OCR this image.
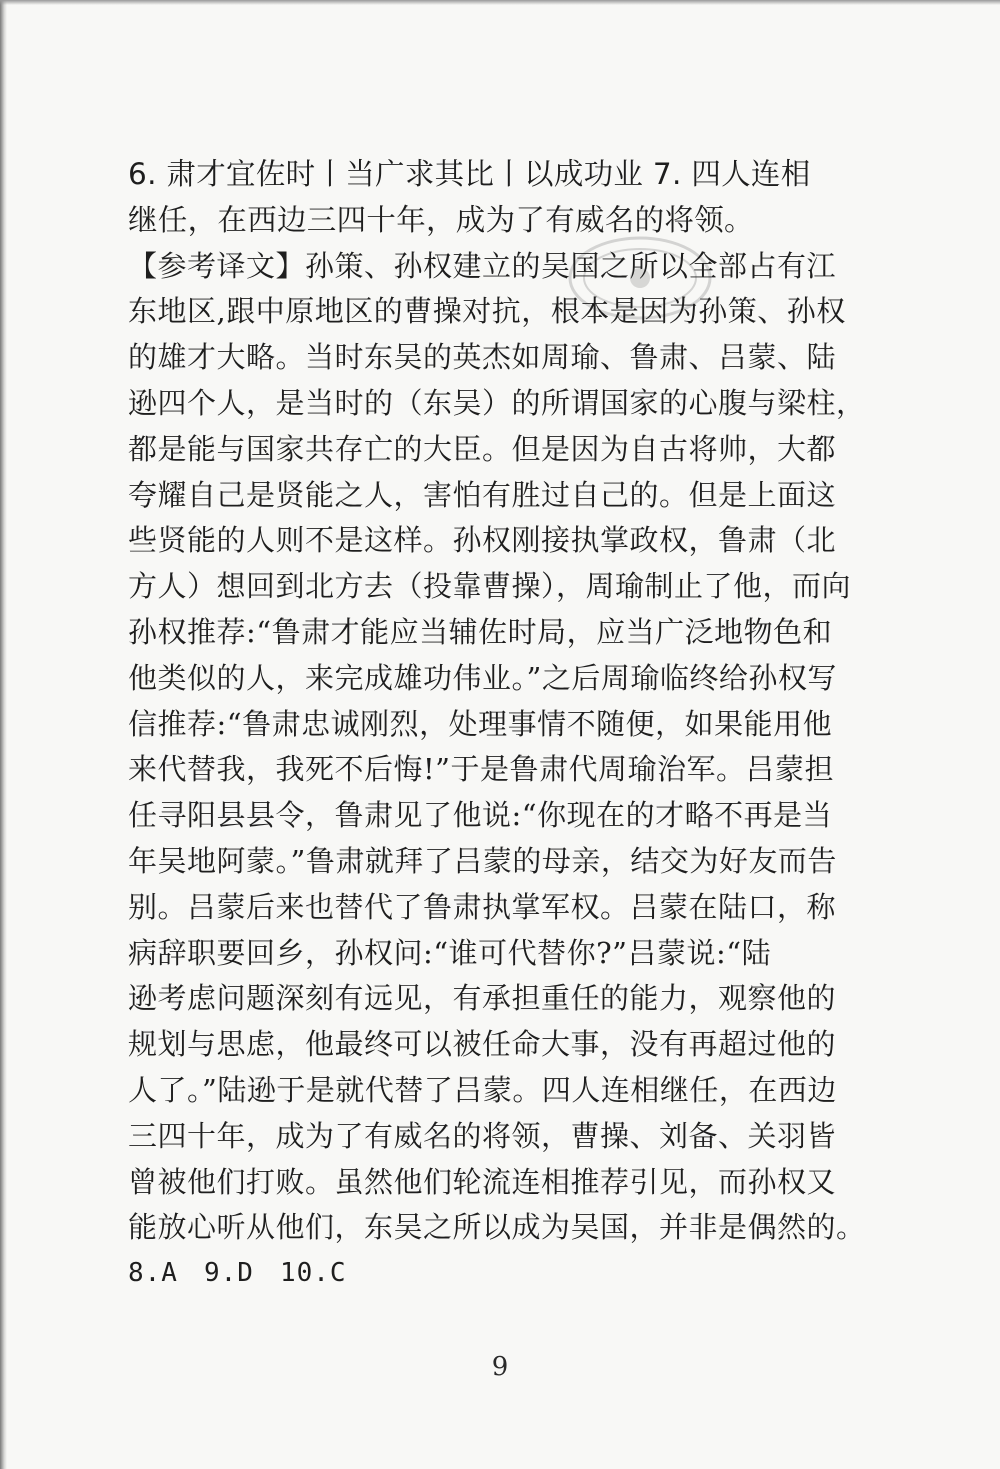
6. 肃才宜佐时丨当广求其比丨以成功业 7. 四人连相
继任，在西边三四十年，成为了有威名的将领。
【参考译文】孙策、孙权建立的吴国之所以全部占有江
东地区,跟中原地区的曹操对抗，根本是因为孙策、孙权
的雄才大略。当时东吴的英杰如周瑜、鲁肃、吕蒙、陆
逊四个人，是当时的（东吴）的所谓国家的心腹与梁柱，
都是能与国家共存亡的大臣。但是因为自古将帅，大都
夸耀自己是贤能之人，害怕有胜过自己的。但是上面这
些贤能的人则不是这样。孙权刚接执掌政权，鲁肃（北
方人）想回到北方去（投靠曹操），周瑜制止了他，而向
孙权推荐:“鲁肃才能应当辅佐时局，应当广泛地物色和
他类似的人，来完成雄功伟业。”之后周瑜临终给孙权写
信推荐:“鲁肃忠诚刚烈，处理事情不随便，如果能用他
来代替我，我死不后悔!”于是鲁肃代周瑜治军。吕蒙担
任寻阳县县令，鲁肃见了他说:“你现在的才略不再是当
年吴地阿蒙。”鲁肃就拜了吕蒙的母亲，结交为好友而告
别。吕蒙后来也替代了鲁肃执掌军权。吕蒙在陆口，称
病辞职要回乡，孙权问:“谁可代替你?”吕蒙说:“陆
逊考虑问题深刻有远见，有承担重任的能力，观察他的
规划与思虑，他最终可以被任命大事，没有再超过他的
人了。”陆逊于是就代替了吕蒙。四人连相继任，在西边
三四十年，成为了有威名的将领，曹操、刘备、关羽皆
曾被他们打败。虽然他们轮流连相推荐引见，而孙权又
能放心听从他们，东吴之所以成为吴国，并非是偶然的。
8.A 9.D 10.C
9
